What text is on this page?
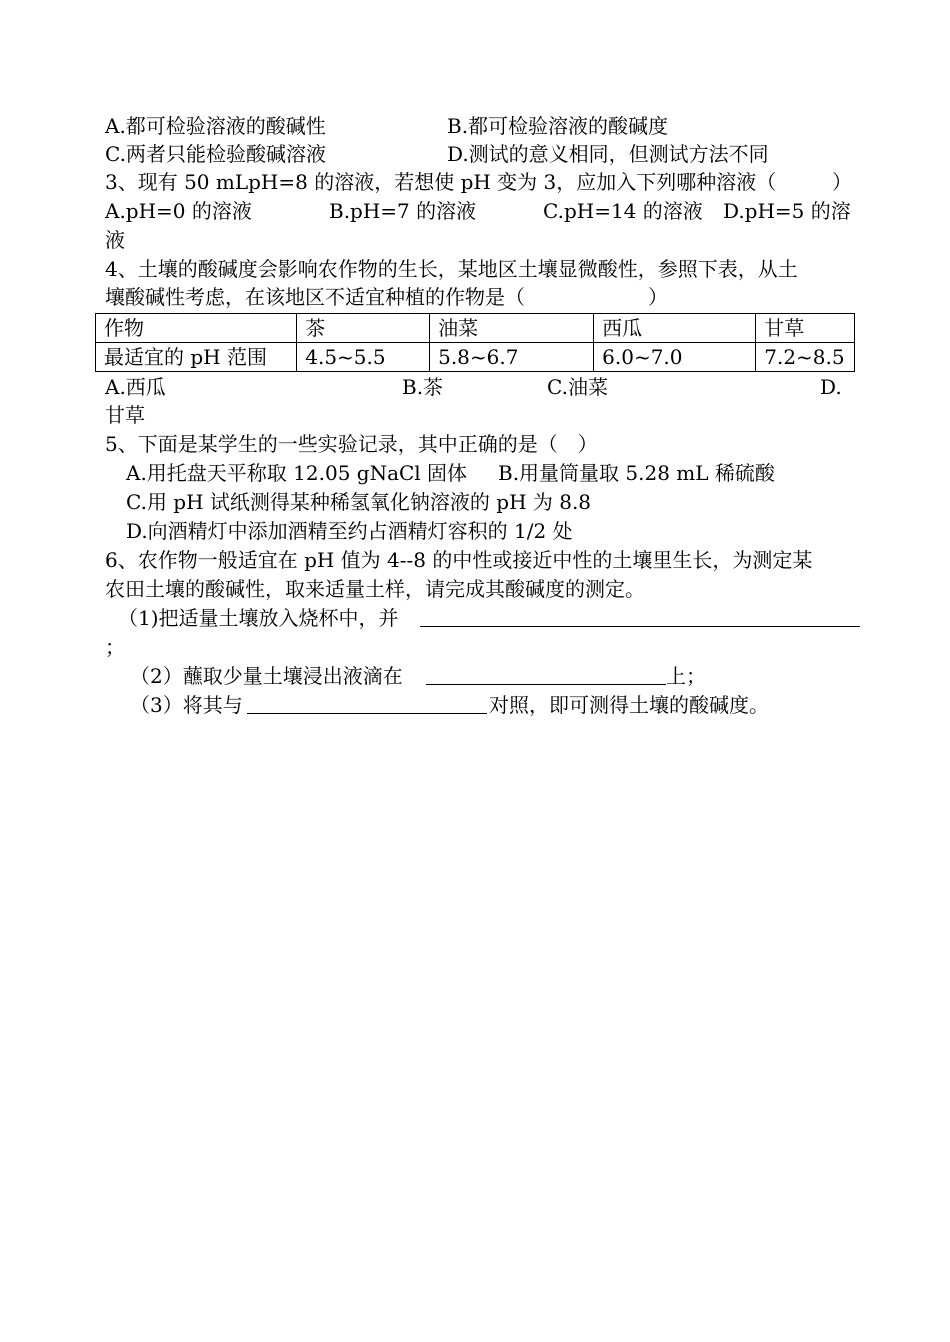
A.都可检验溶液的酸碱性	B.都可检验溶液的酸碱度
C.两者只能检验酸碱溶液	D.测试的意义相同，但测试方法不同
3、现有 50 mLpH=8 的溶液，若想使 pH 变为 3，应加入下列哪种溶液（	）
A.pH=0 的溶液	B.pH=7 的溶液	C.pH=14 的溶液 D.pH=5 的溶
液
4、土壤的酸碱度会影响农作物的生长，某地区土壤显微酸性，参照下表，从土
壤酸碱性考虑，在该地区不适宜种植的作物是（	）
作物	茶	油菜	西瓜	甘草
最适宜的 pH 范围	4.5~5.5	5.8~6.7	6.0~7.0	7.2~8.5
A.西瓜	B.茶	C.油菜	D.
甘草
5、下面是某学生的一些实验记录，其中正确的是（　）
A.用托盘天平称取 12.05 gNaCl 固体 B.用量筒量取 5.28 mL 稀硫酸
C.用 pH 试纸测得某种稀氢氧化钠溶液的 pH 为 8.8
D.向酒精灯中添加酒精至约占酒精灯容积的 1/2 处
6、农作物一般适宜在 pH 值为 4--8 的中性或接近中性的土壤里生长，为测定某
农田土壤的酸碱性，取来适量土样，请完成其酸碱度的测定。
（1)把适量土壤放入烧杯中，并
；
（2）蘸取少量土壤浸出液滴在	上；
（3）将其与	对照，即可测得土壤的酸碱度。
